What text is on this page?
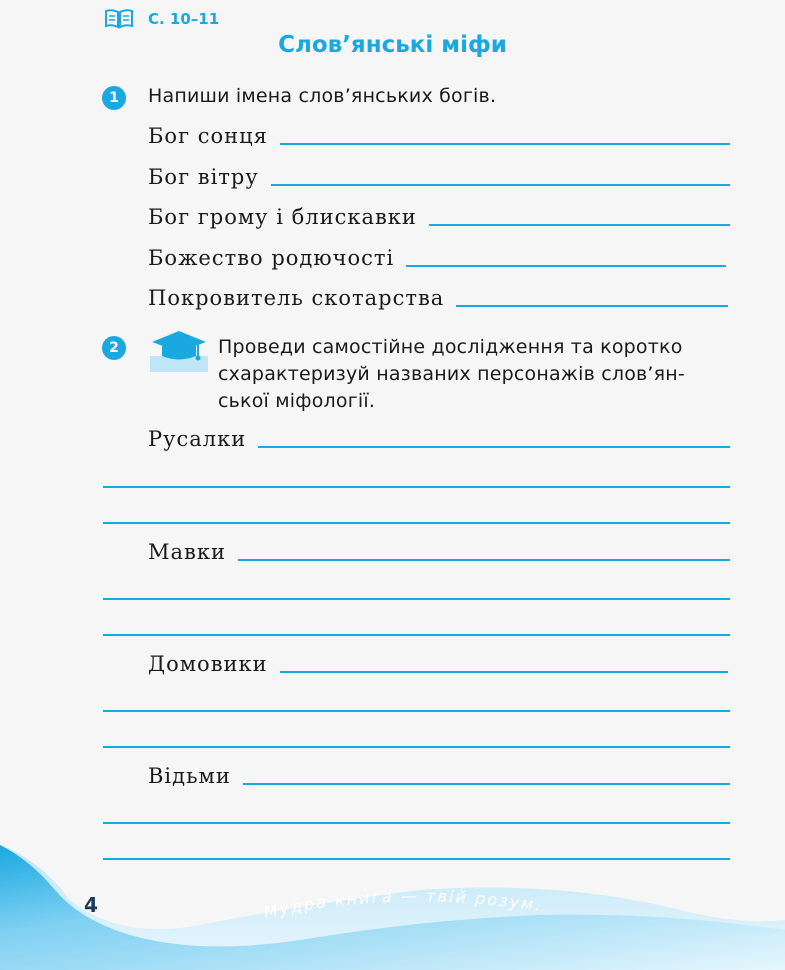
С. 10–11
Слов’янські міфи
1	Напиши імена слов’янських богів.
Бог сонця
Бог вітру
Бог грому і блискавки
Божество родючості
Покровитель скотарства
2	Проведи самостійне дослідження та коротко
схарактеризуй названих персонажів слов’ян-
ської міфології.
Русалки
Мавки
Домовики
Відьми
4	Мудра книга — твій розум.
